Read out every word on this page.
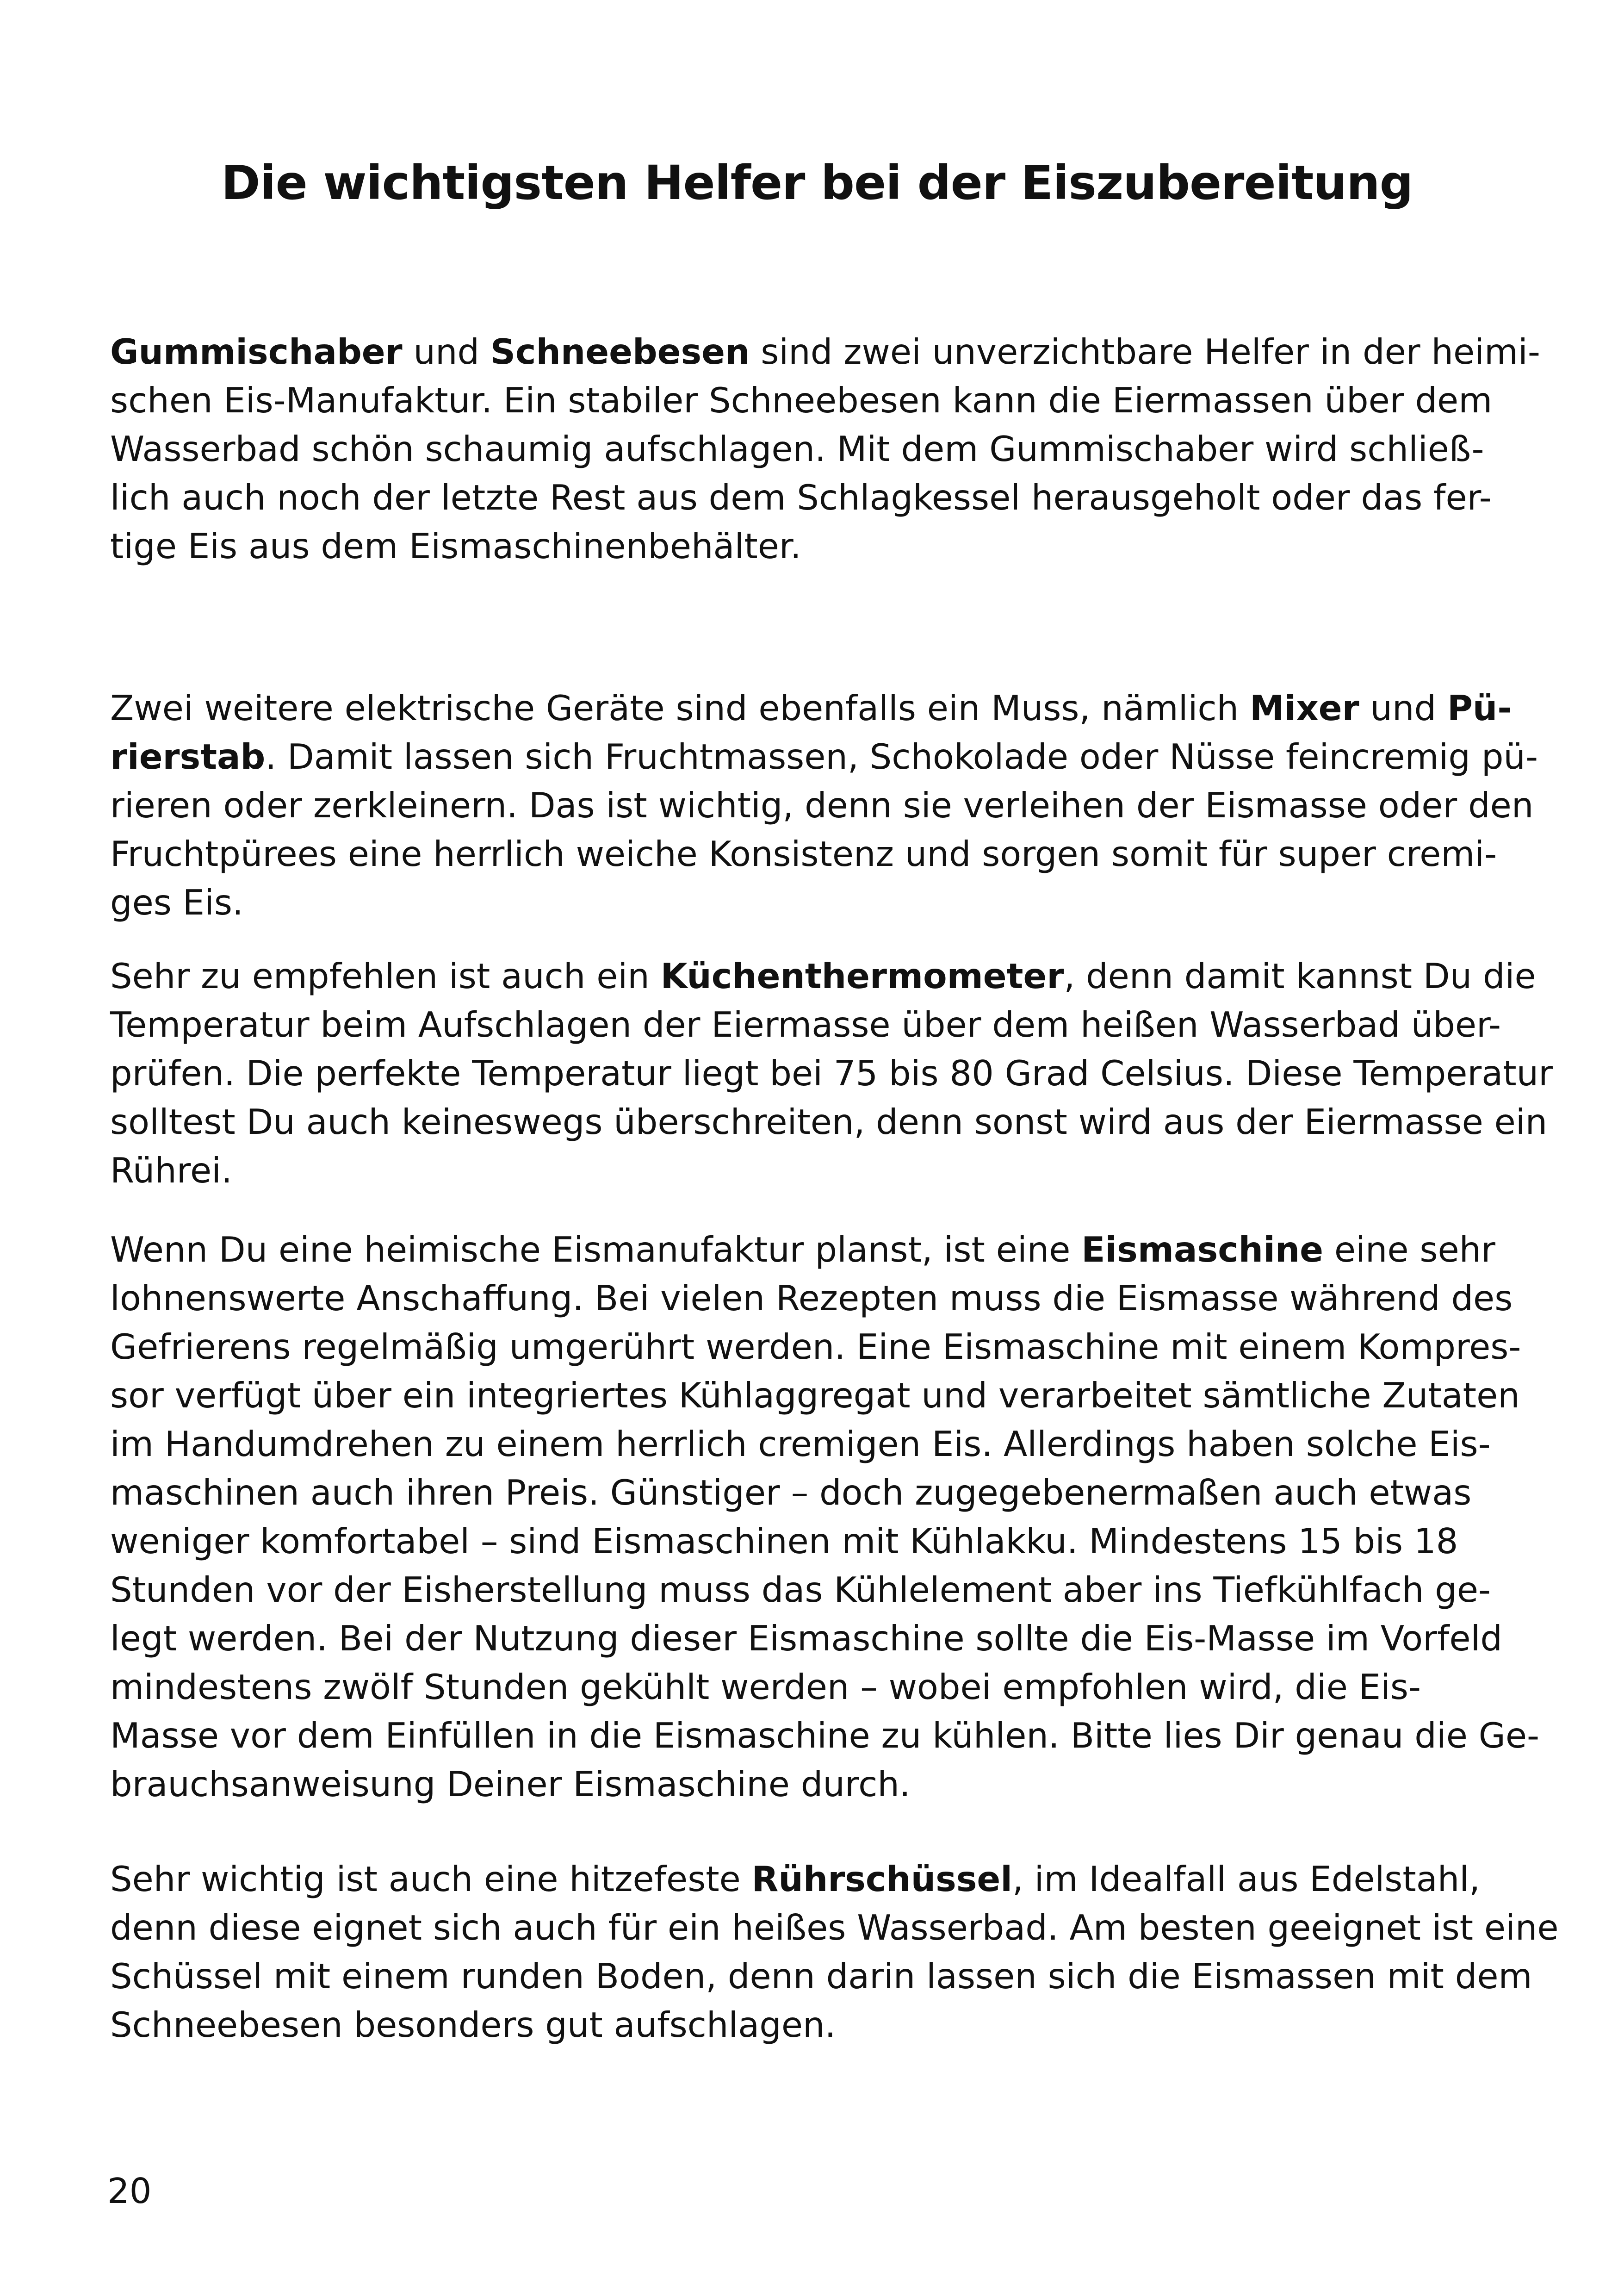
Die wichtigsten Helfer bei der Eiszubereitung
Gummischaber und Schneebesen sind zwei unverzichtbare Helfer in der heimi-
schen Eis-Manufaktur. Ein stabiler Schneebesen kann die Eiermassen über dem
Wasserbad schön schaumig aufschlagen. Mit dem Gummischaber wird schließ-
lich auch noch der letzte Rest aus dem Schlagkessel herausgeholt oder das fer-
tige Eis aus dem Eismaschinenbehälter.
Zwei weitere elektrische Geräte sind ebenfalls ein Muss, nämlich Mixer und Pü-
rierstab. Damit lassen sich Fruchtmassen, Schokolade oder Nüsse feincremig pü-
rieren oder zerkleinern. Das ist wichtig, denn sie verleihen der Eismasse oder den
Fruchtpürees eine herrlich weiche Konsistenz und sorgen somit für super cremi-
ges Eis.
Sehr zu empfehlen ist auch ein Küchenthermometer, denn damit kannst Du die
Temperatur beim Aufschlagen der Eiermasse über dem heißen Wasserbad über-
prüfen. Die perfekte Temperatur liegt bei 75 bis 80 Grad Celsius. Diese Temperatur
solltest Du auch keineswegs überschreiten, denn sonst wird aus der Eiermasse ein
Rührei.
Wenn Du eine heimische Eismanufaktur planst, ist eine Eismaschine eine sehr
lohnenswerte Anschaffung. Bei vielen Rezepten muss die Eismasse während des
Gefrierens regelmäßig umgerührt werden. Eine Eismaschine mit einem Kompres-
sor verfügt über ein integriertes Kühlaggregat und verarbeitet sämtliche Zutaten
im Handumdrehen zu einem herrlich cremigen Eis. Allerdings haben solche Eis-
maschinen auch ihren Preis. Günstiger – doch zugegebenermaßen auch etwas
weniger komfortabel – sind Eismaschinen mit Kühlakku. Mindestens 15 bis 18
Stunden vor der Eisherstellung muss das Kühlelement aber ins Tiefkühlfach ge-
legt werden. Bei der Nutzung dieser Eismaschine sollte die Eis-Masse im Vorfeld
mindestens zwölf Stunden gekühlt werden – wobei empfohlen wird, die Eis-
Masse vor dem Einfüllen in die Eismaschine zu kühlen. Bitte lies Dir genau die Ge-
brauchsanweisung Deiner Eismaschine durch.
Sehr wichtig ist auch eine hitzefeste Rührschüssel, im Idealfall aus Edelstahl,
denn diese eignet sich auch für ein heißes Wasserbad. Am besten geeignet ist eine
Schüssel mit einem runden Boden, denn darin lassen sich die Eismassen mit dem
Schneebesen besonders gut aufschlagen.
20
